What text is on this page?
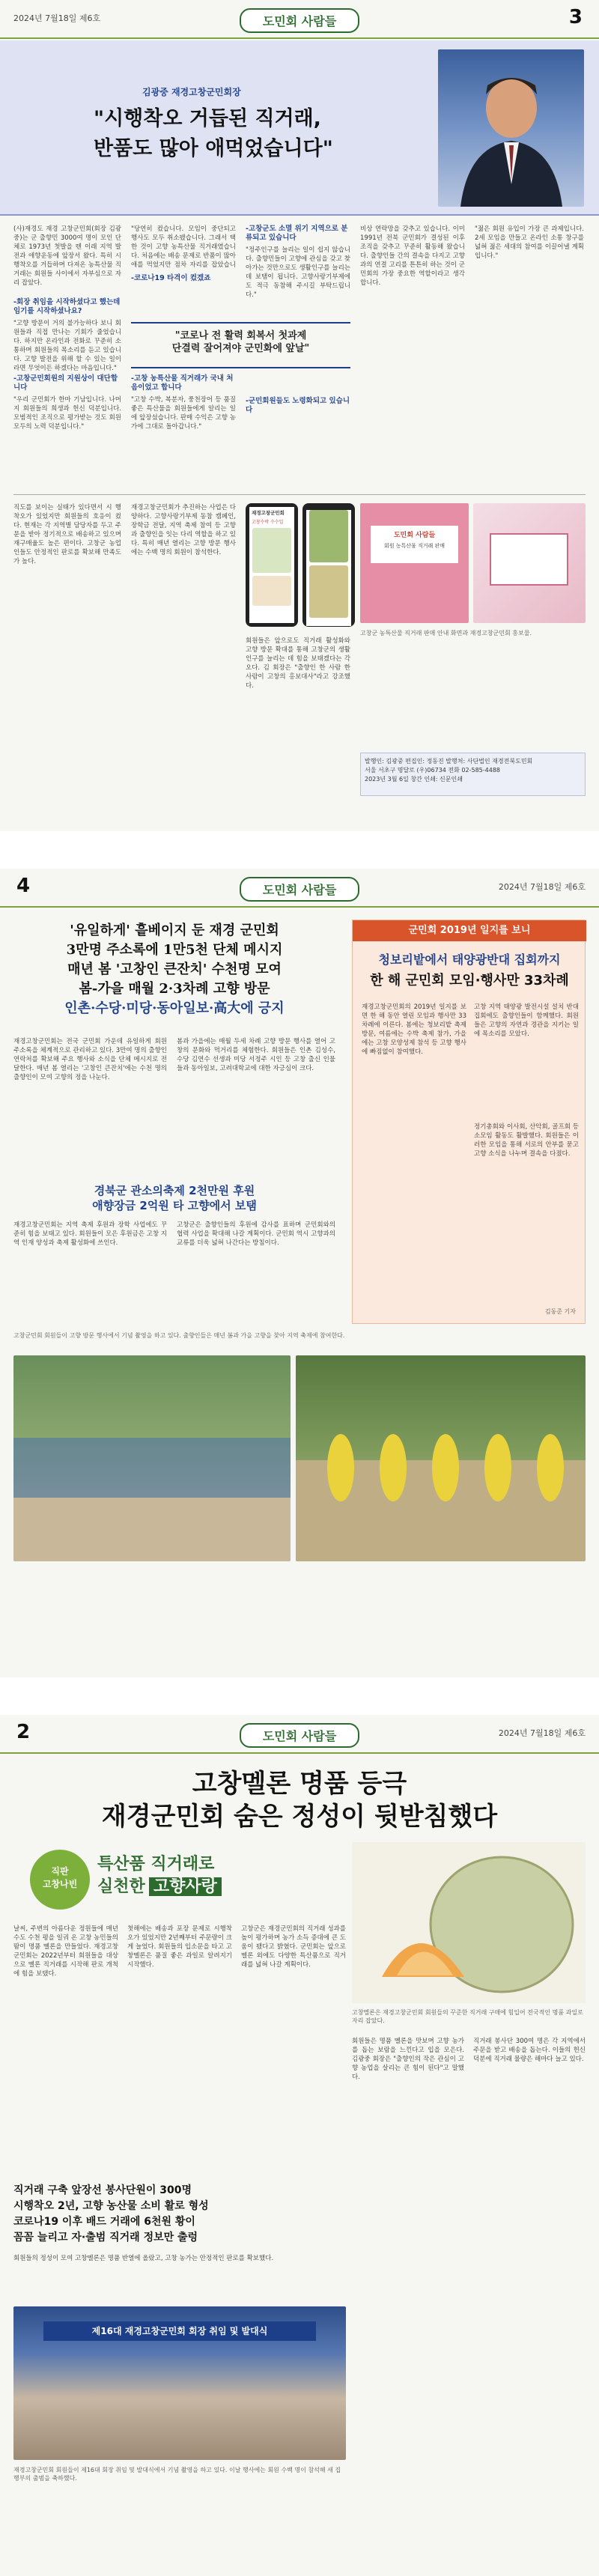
2024년 7월18일 제6호	도민회 사람들	3
김광중 재경고창군민회장
"시행착오 거듭된 직거래,
반품도 많아 애먹었습니다"

(사)재경도 재경 고창군민회(회장 김광중)는 군 출향민 3000여 명이 모인 단체로 1973년 첫발을 뗀 이래 지역 발전과 애향운동에 앞장서 왔다. 특히 시행착오를 거듭하며 다져온 농특산물 직거래는 회원들 사이에서 자부심으로 자리 잡았다.

-회장 취임을 시작하셨다고 했는데 임기를 시작하셨나요?

"고향 방문이 거의 불가능하다 보니 회원들과 직접 만나는 기회가 줄었습니다. 하지만 온라인과 전화로 꾸준히 소통하며 회원들의 목소리를 듣고 있습니다. 고향 발전을 위해 할 수 있는 일이라면 무엇이든 하겠다는 마음입니다."

"당연히 컸습니다. 모임이 중단되고 행사도 모두 취소됐습니다. 그래서 택한 것이 고향 농특산물 직거래였습니다. 처음에는 배송 문제로 반품이 많아 애를 먹었지만 점차 자리를 잡았습니

-코로나19 타격이 컸겠죠

-고창군도 소멸 위기 지역으로 분류되고 있습니다

"정주인구를 늘리는 일이 쉽지 않습니다. 출향민들이 고향에 관심을 갖고 찾아가는 것만으로도 생활인구를 늘리는 데 보탬이 됩니다. 고향사랑기부제에도 적극 동참해 주시길 부탁드립니다."

비상 연락망을 갖추고 있습니다. 이미 1991년 전북 군민회가 결성된 이후 조직을 갖추고 꾸준히 활동해 왔습니다. 출향인들 간의 결속을 다지고 고향과의 연결 고리를 튼튼히 하는 것이 군민회의 가장 중요한 역할이라고 생각합니다.

"젊은 회원 유입이 가장 큰 과제입니다. 2세 모임을 만들고 온라인 소통 창구를 넓혀 젊은 세대의 참여를 이끌어낼 계획입니다."

"코로나 전 활력 회복서 첫과제

단결력 잘어져야 군민화에 앞날"

-고창군민회원의 지원상이 대단합니다

"우리 군민회가 한마 기남입니다. 나머지 회원들의 희생과 헌신 덕분입니다. 모범적인 조직으로 평가받는 것도 회원 모두의 노력 덕분입니다."

-고창 농특산물 직거래가 국내 처음이었고 합니다

"고창 수박, 복분자, 풍천장어 등 품질 좋은 특산물을 회원들에게 알리는 일에 앞장섰습니다. 판매 수익은 고향 농가에 그대로 돌아갑니다."

-군민회원들도 노령화되고 있습니다

직도를 보이는 실태가 있다면서 시 행착오가 있었지만 회원들의 호응이 컸다. 현재는 각 지역별 담당자를 두고 주문을 받아 정기적으로 배송하고 있으며 재구매율도 높은 편이다. 고창군 농업인들도 안정적인 판로를 확보해 만족도가 높다.

재경고창군민회가 추진하는 사업은 다양하다. 고향사랑기부제 동참 캠페인, 장학금 전달, 지역 축제 참여 등 고향과 출향인을 잇는 다리 역할을 하고 있다. 특히 매년 열리는 고향 방문 행사에는 수백 명의 회원이 참석한다.

회원들은 앞으로도 직거래 활성화와 고향 방문 확대를 통해 고창군의 생활인구를 늘리는 데 힘을 보태겠다는 각오다. 김 회장은 "출향인 한 사람 한 사람이 고창의 홍보대사"라고 강조했다.

재경고창군민회
고창수박 수수입
도민회 사람들
회원 농특산물 직거래 판매

고창군 농특산물 직거래 판매 안내 화면과 재경고창군민회 홍보물.

발행인: 김광중 편집인: 정동진 발행처: 사단법인 재경전북도민회

서울 서초구 명달로 (우)06734 전화 02-585-4488

2023년 3월 6일 창간 인쇄: 신문인쇄

4	도민회 사람들	2024년 7월18일 제6호

'유일하게' 흩베이지 둔 재경 군민회

3만명 주소록에 1만5천 단체 메시지

매년 봄 '고창인 큰잔치' 수천명 모여

봄-가을 매월 2·3차례 고향 방문

인촌·수당·미당·동아일보·高大에 긍지

재경고창군민회는 전국 군민회 가운데 유일하게 회원 주소록을 체계적으로 관리하고 있다. 3만여 명의 출향인 연락처를 확보해 주요 행사와 소식을 단체 메시지로 전달한다. 매년 봄 열리는 '고창인 큰잔치'에는 수천 명의 출향인이 모여 고향의 정을 나눈다.

봄과 가을에는 매월 두세 차례 고향 방문 행사를 열어 고창의 문화와 먹거리를 체험한다. 회원들은 인촌 김성수, 수당 김연수 선생과 미당 서정주 시인 등 고창 출신 인물들과 동아일보, 고려대학교에 대한 자긍심이 크다.

경북군 관소의축제 2천만원 후원

애향장금 2억원 타 고향에서 보탬

재경고창군민회는 지역 축제 후원과 장학 사업에도 꾸준히 힘을 보태고 있다. 회원들이 모은 후원금은 고창 지역 인재 양성과 축제 활성화에 쓰인다.

고창군은 출향인들의 후원에 감사를 표하며 군민회와의 협력 사업을 확대해 나갈 계획이다. 군민회 역시 고향과의 교류를 더욱 넓혀 나간다는 방침이다.

군민회 2019년 일지를 보니

청보리밭에서 태양광반대 집회까지

한 해 군민회 모임·행사만 33차례

재경고창군민회의 2019년 일지를 보면 한 해 동안 열린 모임과 행사만 33차례에 이른다. 봄에는 청보리밭 축제 방문, 여름에는 수박 축제 참가, 가을에는 고창 모양성제 참석 등 고향 행사에 빠짐없이 참여했다.

고창 지역 태양광 발전시설 설치 반대 집회에도 출향인들이 함께했다. 회원들은 고향의 자연과 경관을 지키는 일에 목소리를 모았다.

정기총회와 이사회, 산악회, 골프회 등 소모임 활동도 활발했다. 회원들은 이러한 모임을 통해 서로의 안부를 묻고 고향 소식을 나누며 결속을 다졌다.

김동준 기자

고창군민회 회원들이 고향 방문 행사에서 기념 촬영을 하고 있다. 출향인들은 매년 봄과 가을 고향을 찾아 지역 축제에 참여한다.

2	도민회 사람들	2024년 7월18일 제6호

고창멜론 명품 등극

재경군민회 숨은 정성이 뒷받침했다

직판

고창나빈

특산품 직거래로

실천한 고향사랑

고창멜론은 재경고창군민회 회원들의 꾸준한 직거래 구매에 힘입어 전국적인 명품 과일로 자리 잡았다.

날씨, 주변의 아름다운 정원들에 매년 수도 수천 평을 일궈 온 고창 농민들의 땀이 명품 멜론을 만들었다. 재경고창군민회는 2022년부터 회원들을 대상으로 멜론 직거래를 시작해 판로 개척에 힘을 보탰다.

첫해에는 배송과 포장 문제로 시행착오가 있었지만 2년째부터 주문량이 크게 늘었다. 회원들의 입소문을 타고 고창멜론은 품질 좋은 과일로 알려지기 시작했다.

고창군은 재경군민회의 직거래 성과를 높이 평가하며 농가 소득 증대에 큰 도움이 됐다고 밝혔다. 군민회는 앞으로 멜론 외에도 다양한 특산품으로 직거래를 넓혀 나갈 계획이다.

회원들은 명품 멜론을 맛보며 고향 농가를 돕는 보람을 느낀다고 입을 모은다. 김광중 회장은 "출향인의 작은 관심이 고향 농업을 살리는 큰 힘이 된다"고 말했다.

직거래 봉사단 300여 명은 각 지역에서 주문을 받고 배송을 돕는다. 이들의 헌신 덕분에 직거래 물량은 해마다 늘고 있다.

직거래 구축 앞장선 봉사단원이 300명

시행착오 2년, 고향 농산물 소비 활로 형성

코로나19 이후 배드 거래에 6천원 황이

꼼꼼 늘리고 자·출범 직거래 정보만 출렁

회원들의 정성이 모여 고창멜론은 명품 반열에 올랐고, 고창 농가는 안정적인 판로를 확보했다.

제16대 재경고창군민회 회장 취임 및 발대식

재경고창군민회 회원들이 제16대 회장 취임 및 발대식에서 기념 촬영을 하고 있다. 이날 행사에는 회원 수백 명이 참석해 새 집행부의 출범을 축하했다.
